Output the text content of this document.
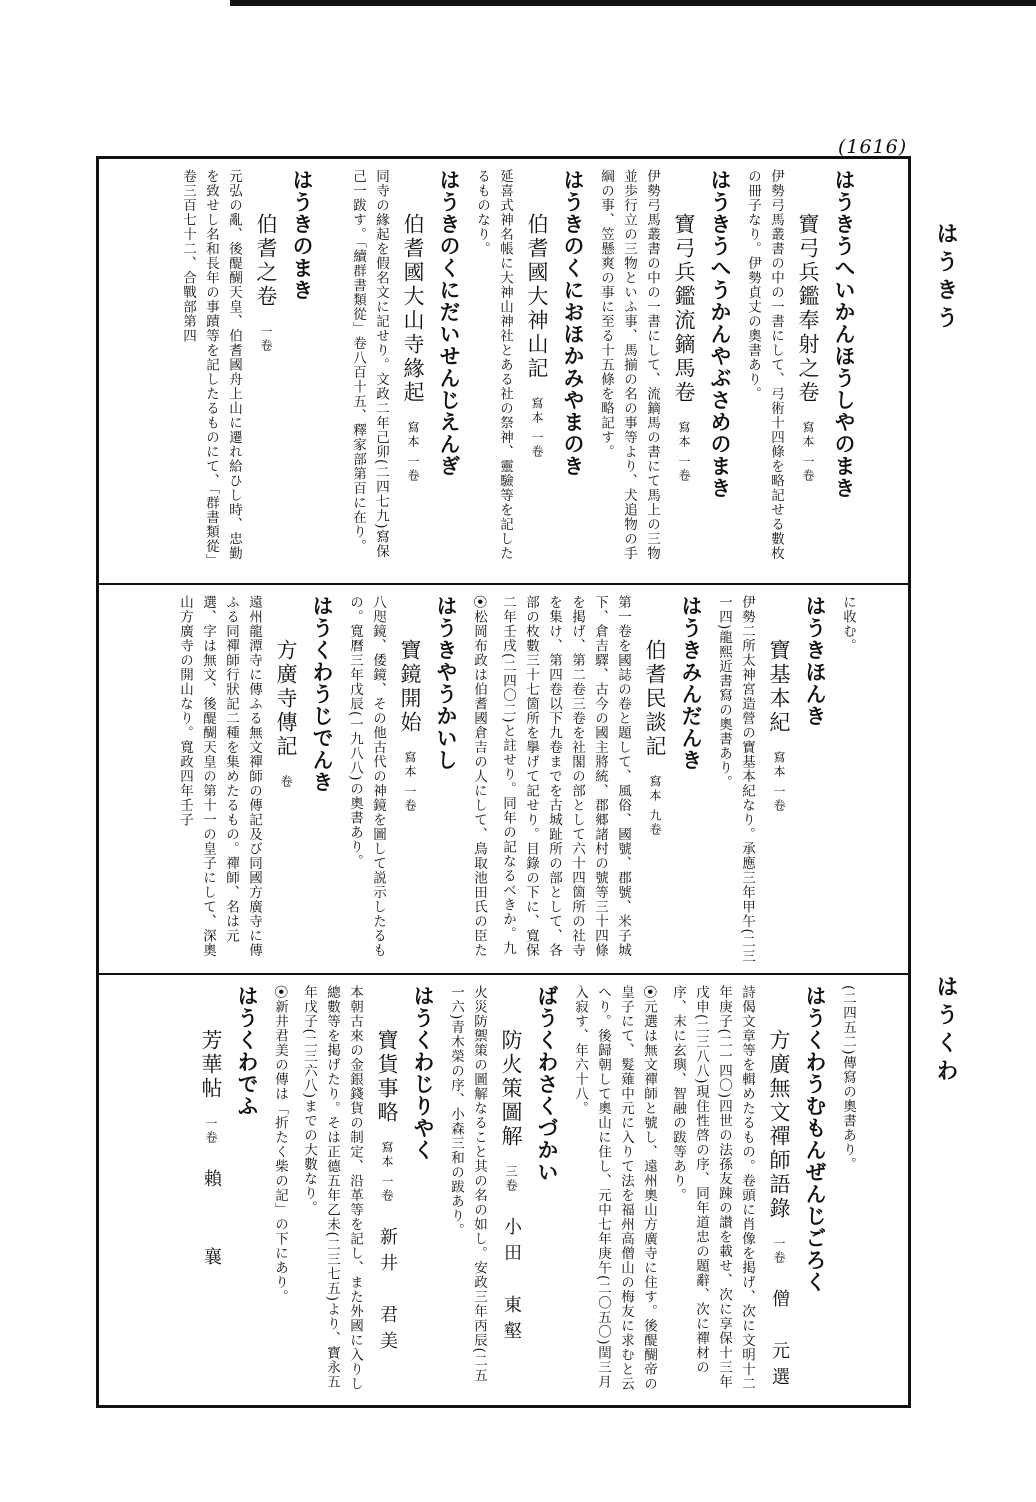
(1616)
はうきう
はうくわ
はうきうへいかんほうしやのまき
寶弓兵鑑奉射之卷寫本 一卷
伊勢弓馬叢書の中の一書にして、弓術十四條を略記せる數枚の冊子なり。伊勢貞丈の奧書あり。
はうきうへうかんやぶさめのまき
寶弓兵鑑流鏑馬卷寫本 一卷
伊勢弓馬叢書の中の一書にして、流鏑馬の書にて馬上の三物並歩行立の三物といふ事、馬揃の名の事等より、犬追物の手綱の事、笠懸爽の事に至る十五條を略記す。
はうきのくにおほかみやまのき
伯耆國大神山記寫本 一卷
延喜式神名帳に大神山神社とある社の祭神、靈驗等を記したるものなり。
はうきのくにだいせんじえんぎ
伯耆國大山寺緣起寫本 一卷
同寺の緣起を假名文に記せり。文政二年己卯(二四七九)寫保己一跋す。「續群書類從」卷八百十五、釋家部第百に在り。
はうきのまき
伯耆之卷一卷
元弘の亂、後醍醐天皇、伯耆國舟上山に遷れ給ひし時、忠勤を致せし名和長年の事蹟等を記したるものにて、「群書類從」卷三百七十二、合戰部第四
に收む。
はうきほんき
寶基本紀寫本 一卷
伊勢二所太神宮造營の寶基本紀なり。承應三年甲午(二三一四)龍熙近書寫の奧書あり。
はうきみんだんき
伯耆民談記寫本 九卷
第一卷を國誌の卷と題して、風俗、國號、郡號、米子城下、倉吉驛、古今の國主將統、郡郷諸村の號等三十四條を掲げ、第二卷三卷を社閣の部として六十四箇所の社寺を集け、第四卷以下九卷までを古城趾所の部として、各部の枚數三十七箇所を擧げて記せり。目錄の下に、寬保二年壬戌(二四〇二)と註せり。同年の記なるべきか。九
⦿松岡布政は伯耆國倉吉の人にして、鳥取池田氏の臣た
はうきやうかいし
寶鏡開始寫本 一卷
八咫鏡、倭鏡、その他古代の神鏡を圖して説示したるもの。寬曆三年戊辰(一九八八)の奧書あり。
はうくわうじでんき
方廣寺傳記卷
遠州龍潭寺に傳ふる無文禪師の傳記及び同國方廣寺に傳ふる同禪師行狀記二種を集めたるもの。禪師、名は元選、字は無文、後醍醐天皇の第十一の皇子にして、深奧山方廣寺の開山なり。寬政四年壬子
(二四五二)傳寫の奧書あり。
はうくわうむもんぜんじごろく
方廣無文禪師語錄一卷僧　元選
詩偈文章等を輯めたるもの。卷頭に肖像を掲げ、次に文明十二年庚子(二一四〇)四世の法孫友踈の讃を載せ、次に享保十三年戊申(二三八八)現住性啓の序、同年道忠の題辭、次に禪材の序、末に玄璵、智融の跋等あり。
⦿元選は無文禪師と號し、遠州奧山方廣寺に住す。後醍醐帝の皇子にて、髮薙中元に入りて法を福州高僧山の梅友に求むと云へり。後歸朝して奧山に住し、元中七年庚午(二〇五〇)閏三月入寂す、年六十八。
ばうくわさくづかい
防火策圖解三卷小田　東壑
火災防禦策の圖解なること其の名の如し。安政三年丙辰(二五一六)青木榮の序、小森三和の跋あり。
はうくわじりやく
寶貨事略寫本 一卷新井　君美
本朝古來の金銀錢貨の制定、沿革等を記し、また外國に入りし總數等を掲げたり。そは正德五年乙未(二三七五)より、寶永五年戊子(二三六八)までの大數なり。
⦿新井君美の傳は「折たく柴の記」の下にあり。
はうくわでふ
芳華帖一卷賴　　襄
